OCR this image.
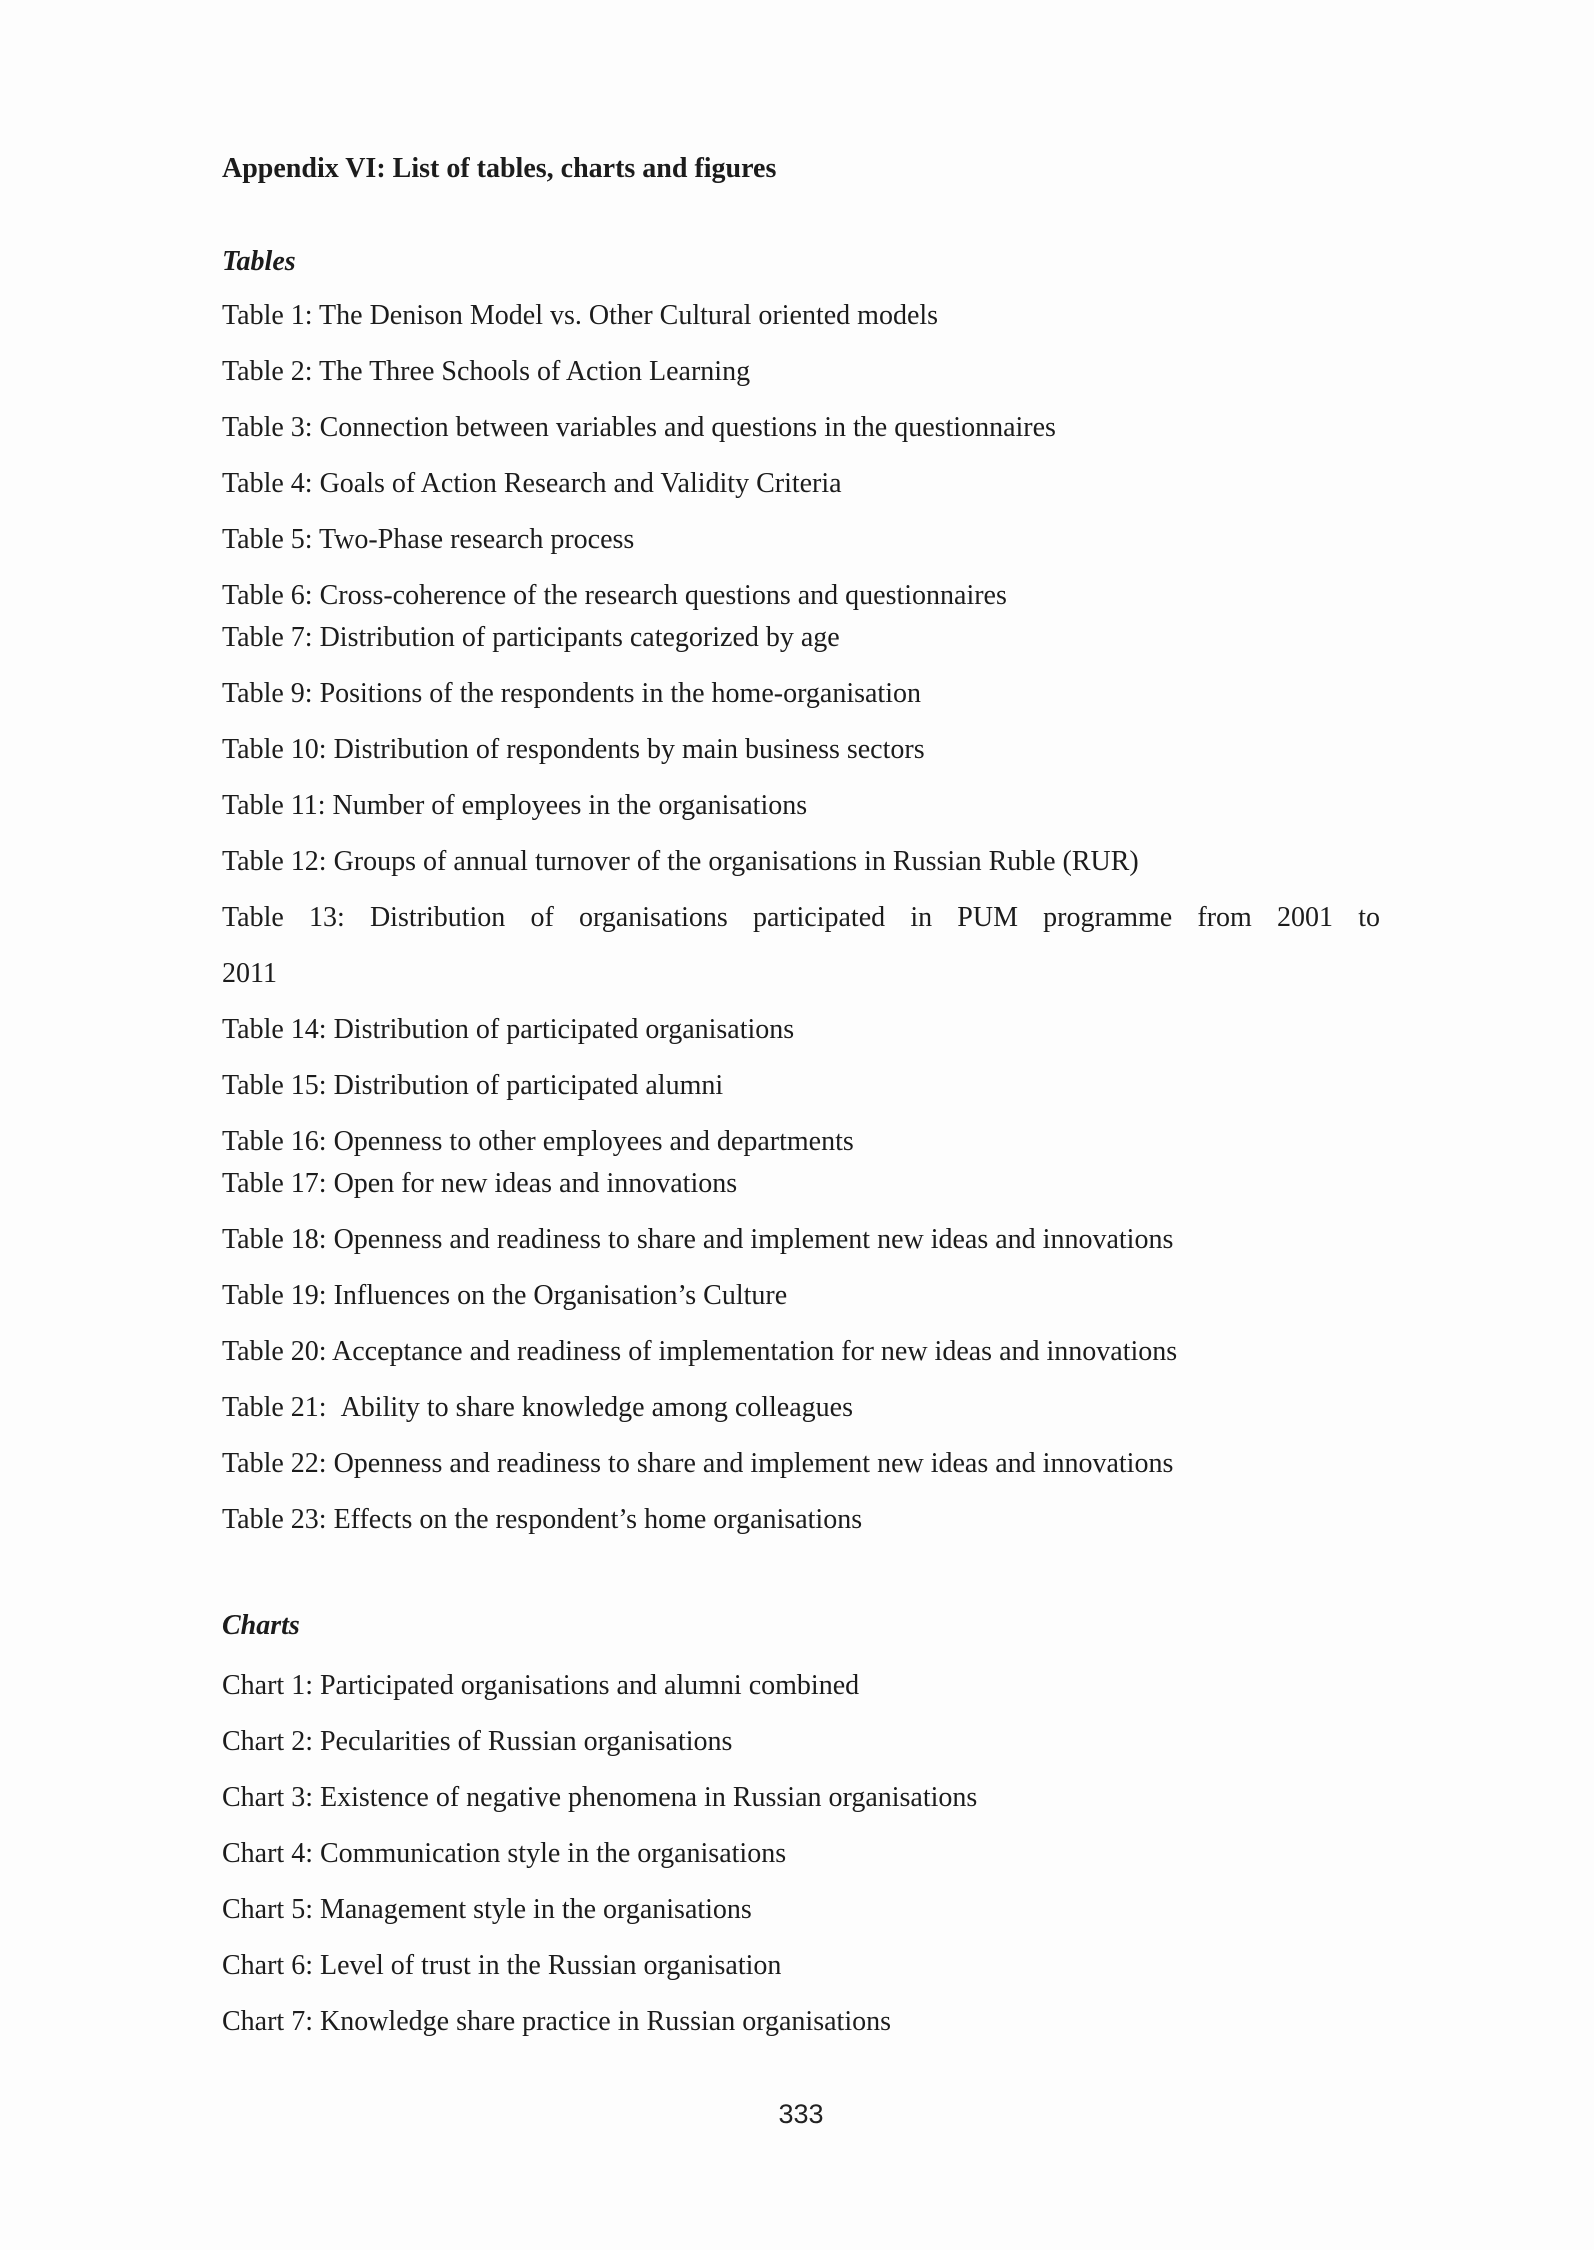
Appendix VI: List of tables, charts and figures
Tables
Table 1: The Denison Model vs. Other Cultural oriented models
Table 2: The Three Schools of Action Learning
Table 3: Connection between variables and questions in the questionnaires
Table 4: Goals of Action Research and Validity Criteria
Table 5: Two-Phase research process
Table 6: Cross-coherence of the research questions and questionnaires
Table 7: Distribution of participants categorized by age
Table 9: Positions of the respondents in the home-organisation
Table 10: Distribution of respondents by main business sectors
Table 11: Number of employees in the organisations
Table 12: Groups of annual turnover of the organisations in Russian Ruble (RUR)
Table 13: Distribution of organisations participated in PUM programme from 2001 to
2011
Table 14: Distribution of participated organisations
Table 15: Distribution of participated alumni
Table 16: Openness to other employees and departments
Table 17: Open for new ideas and innovations
Table 18: Openness and readiness to share and implement new ideas and innovations
Table 19: Influences on the Organisation’s Culture
Table 20: Acceptance and readiness of implementation for new ideas and innovations
Table 21:  Ability to share knowledge among colleagues
Table 22: Openness and readiness to share and implement new ideas and innovations
Table 23: Effects on the respondent’s home organisations
Charts
Chart 1: Participated organisations and alumni combined
Chart 2: Pecularities of Russian organisations
Chart 3: Existence of negative phenomena in Russian organisations
Chart 4: Communication style in the organisations
Chart 5: Management style in the organisations
Chart 6: Level of trust in the Russian organisation
Chart 7: Knowledge share practice in Russian organisations
333
